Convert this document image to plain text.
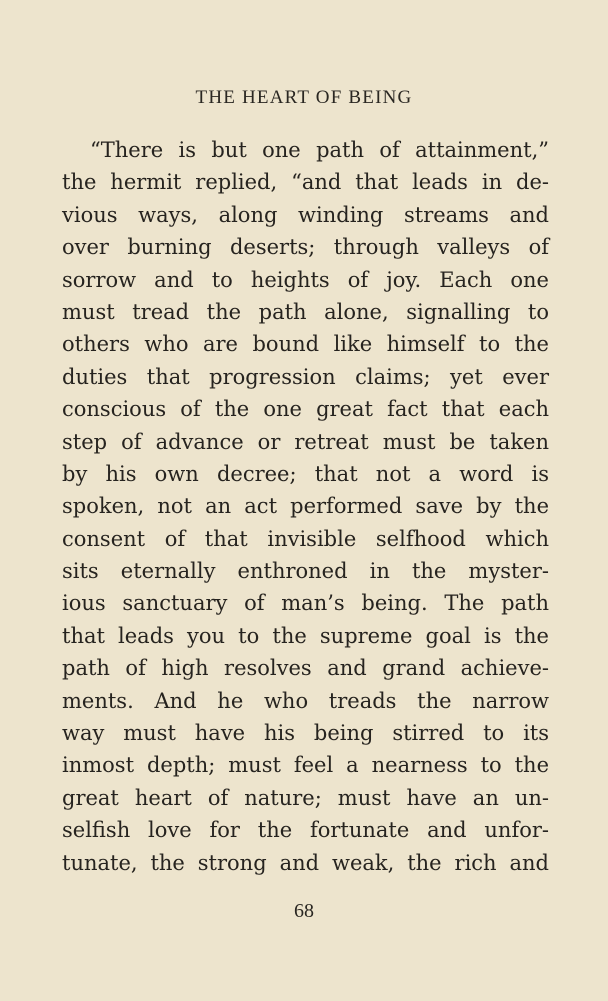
THE HEART OF BEING
“There is but one path of attainment,”
the hermit replied, “and that leads in de-
vious ways, along winding streams and
over burning deserts; through valleys of
sorrow and to heights of joy. Each one
must tread the path alone, signalling to
others who are bound like himself to the
duties that progression claims; yet ever
conscious of the one great fact that each
step of advance or retreat must be taken
by his own decree; that not a word is
spoken, not an act performed save by the
consent of that invisible selfhood which
sits eternally enthroned in the myster-
ious sanctuary of man’s being. The path
that leads you to the supreme goal is the
path of high resolves and grand achieve-
ments. And he who treads the narrow
way must have his being stirred to its
inmost depth; must feel a nearness to the
great heart of nature; must have an un-
selfish love for the fortunate and unfor-
tunate, the strong and weak, the rich and
68
